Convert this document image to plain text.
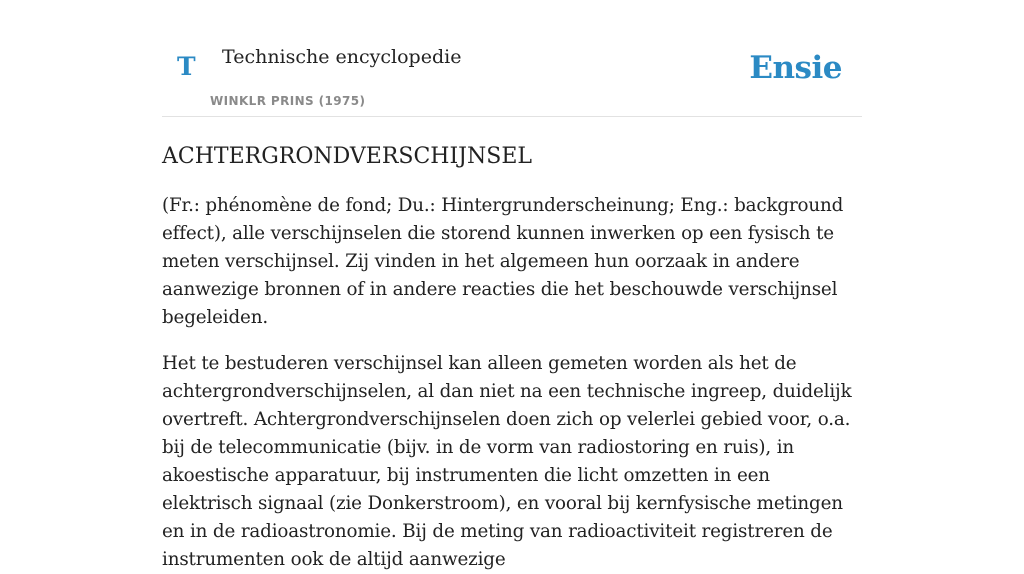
T Technische encyclopedie
WINKLR PRINS (1975)
Ensie
ACHTERGRONDVERSCHIJNSEL

(Fr.: phénomène de fond; Du.: Hintergrunderscheinung; Eng.: background effect), alle verschijnselen die storend kunnen inwerken op een fysisch te meten verschijnsel. Zij vinden in het algemeen hun oorzaak in andere aanwezige bronnen of in andere reacties die het beschouwde verschijnsel begeleiden.

Het te bestuderen verschijnsel kan alleen gemeten worden als het de achtergrondverschijnselen, al dan niet na een technische ingreep, duidelijk overtreft. Achtergrondverschijnselen doen zich op velerlei gebied voor, o.a. bij de telecommunicatie (bijv. in de vorm van radiostoring en ruis), in akoestische apparatuur, bij instrumenten die licht omzetten in een elektrisch signaal (zie Donkerstroom), en vooral bij kernfysische metingen en in de radioastronomie. Bij de meting van radioactiviteit registreren de instrumenten ook de altijd aanwezige
